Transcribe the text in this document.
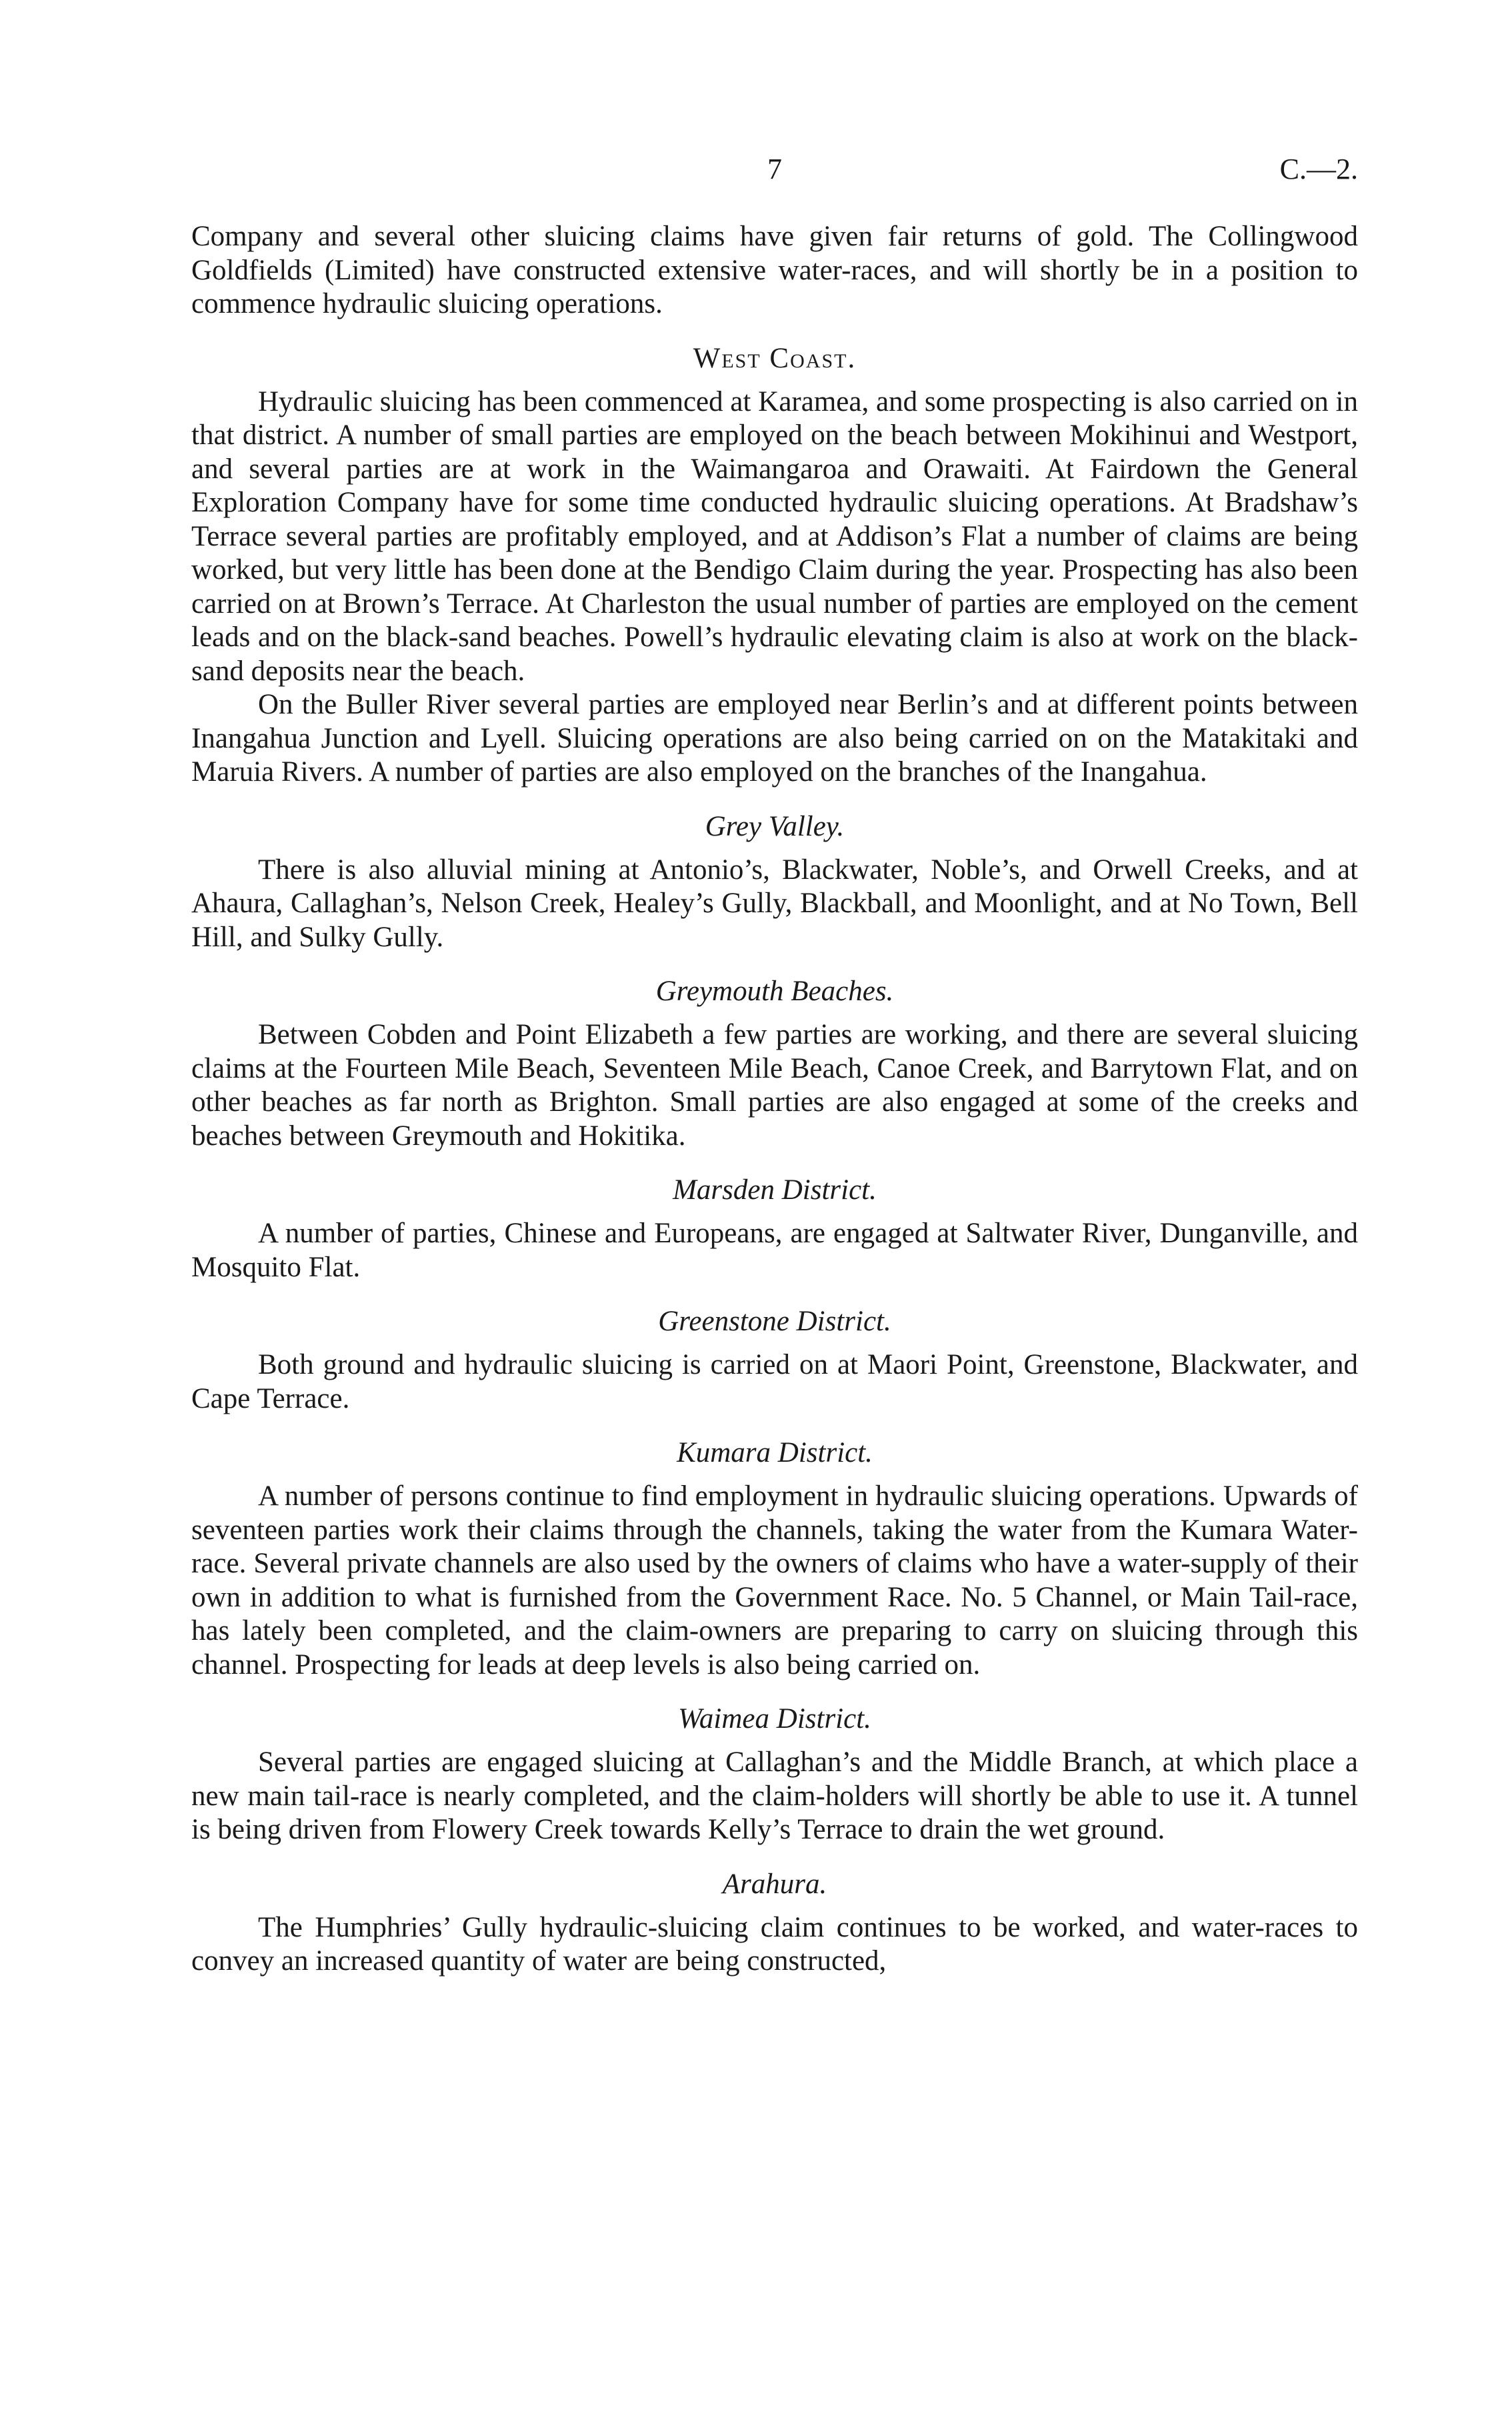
7	C.—2.

Company and several other sluicing claims have given fair returns of gold. The Collingwood Goldfields (Limited) have constructed extensive water-races, and will shortly be in a position to commence hydraulic sluicing operations.

West Coast.

Hydraulic sluicing has been commenced at Karamea, and some prospecting is also carried on in that district. A number of small parties are employed on the beach between Mokihinui and Westport, and several parties are at work in the Waimangaroa and Orawaiti. At Fairdown the General Exploration Company have for some time conducted hydraulic sluicing operations. At Bradshaw’s Terrace several parties are profitably employed, and at Addison’s Flat a number of claims are being worked, but very little has been done at the Bendigo Claim during the year. Prospecting has also been carried on at Brown’s Terrace. At Charleston the usual number of parties are employed on the cement leads and on the black-sand beaches. Powell’s hydraulic elevating claim is also at work on the black-sand deposits near the beach.

On the Buller River several parties are employed near Berlin’s and at different points between Inangahua Junction and Lyell. Sluicing operations are also being carried on on the Matakitaki and Maruia Rivers. A number of parties are also employed on the branches of the Inangahua.

Grey Valley.

There is also alluvial mining at Antonio’s, Blackwater, Noble’s, and Orwell Creeks, and at Ahaura, Callaghan’s, Nelson Creek, Healey’s Gully, Blackball, and Moonlight, and at No Town, Bell Hill, and Sulky Gully.

Greymouth Beaches.

Between Cobden and Point Elizabeth a few parties are working, and there are several sluicing claims at the Fourteen Mile Beach, Seventeen Mile Beach, Canoe Creek, and Barrytown Flat, and on other beaches as far north as Brighton. Small parties are also engaged at some of the creeks and beaches between Greymouth and Hokitika.

Marsden District.

A number of parties, Chinese and Europeans, are engaged at Saltwater River, Dunganville, and Mosquito Flat.

Greenstone District.

Both ground and hydraulic sluicing is carried on at Maori Point, Greenstone, Blackwater, and Cape Terrace.

Kumara District.

A number of persons continue to find employment in hydraulic sluicing operations. Upwards of seventeen parties work their claims through the channels, taking the water from the Kumara Water-race. Several private channels are also used by the owners of claims who have a water-supply of their own in addition to what is furnished from the Government Race. No. 5 Channel, or Main Tail-race, has lately been completed, and the claim-owners are preparing to carry on sluicing through this channel. Prospecting for leads at deep levels is also being carried on.

Waimea District.

Several parties are engaged sluicing at Callaghan’s and the Middle Branch, at which place a new main tail-race is nearly completed, and the claim-holders will shortly be able to use it. A tunnel is being driven from Flowery Creek towards Kelly’s Terrace to drain the wet ground.

Arahura.

The Humphries’ Gully hydraulic-sluicing claim continues to be worked, and water-races to convey an increased quantity of water are being constructed,
